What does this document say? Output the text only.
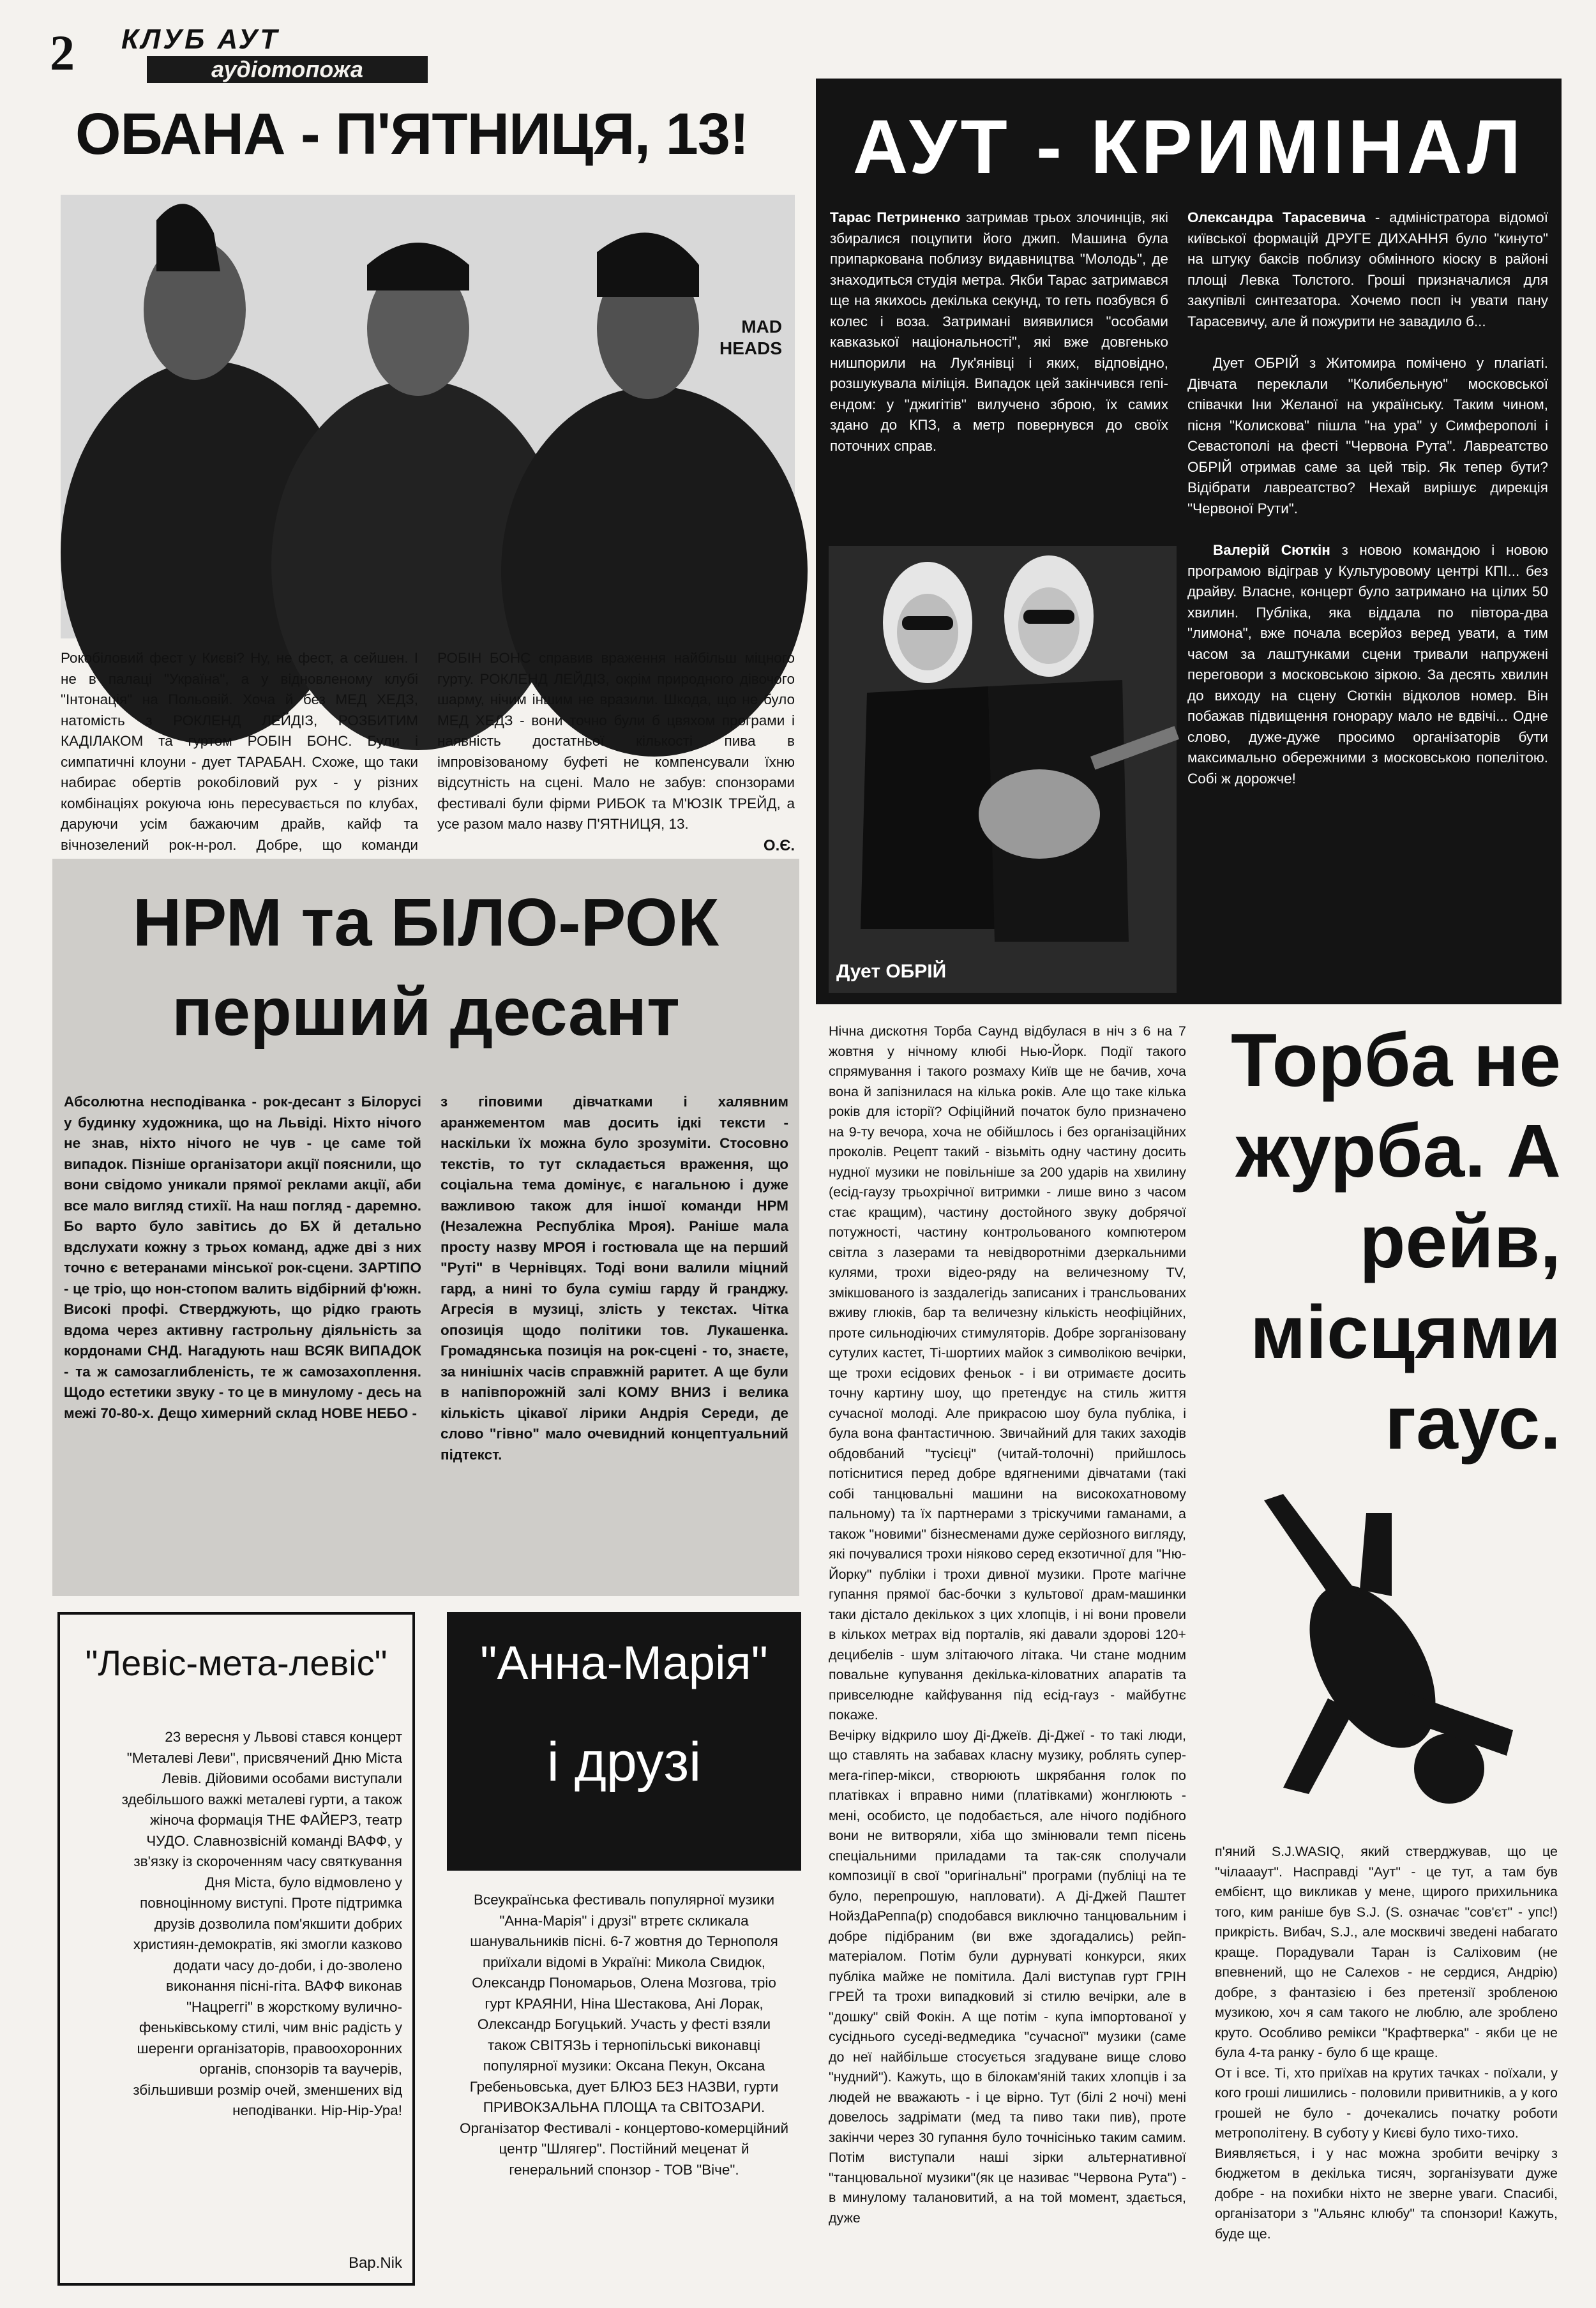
2 КЛУБ АУТ
аудіотопожа
ОБАНА - П'ЯТНИЦЯ, 13!
MAD
HEADS
Рокобіловий фест у Києві? Ну, не фест, а сейшен. І не в палаці "Україна", а у відновленому клубі "Інтонація" на Польовій. Хоча й без МЕД ХЕДЗ, натомість з РОКЛЕНД ЛЕЙДІЗ, РОЗБИТИМ КАДІЛАКОМ та гуртом РОБІН БОНС. Були і симпатичні клоуни - дует ТАРАБАН. Схоже, що таки набирає обертів рокобіловий рух - у різних комбінаціях рокуюча юнь пересувається по клубах, даруючи усім бажаючим драйв, кайф та вічнозелений рок-н-рол. Добре, що команди
РОБІН БОНС справив враження найбільш міцного гурту. РОКЛЕНД ЛЕЙДІЗ, окрім природного дівочого шарму, нічим іншим не вразили. Шкода, що не було МЕД ХЕДЗ - вони точно були б цвяхом програми і наявність достатньої кількості пива в імпровізованому буфеті не компенсували їхню відсутність на сцені. Мало не забув: спонзорами фестивалі були фірми РИБОК та М'ЮЗІК ТРЕЙД, а усе разом мало назву П'ЯТНИЦЯ, 13.
О.Є.
АУТ - КРИМІНАЛ
Тарас Петриненко затримав трьох злочинців, які збиралися поцупити його джип. Машина була припаркована поблизу видавництва "Молодь", де знаходиться студія метра. Якби Тарас затримався ще на якихось декілька секунд, то геть позбувся б колес і воза. Затримані виявилися "особами кавказької національності", які вже довгенько нишпорили на Лук'янівці і яких, відповідно, розшукувала міліція. Випадок цей закінчився гепі-ендом: у "джигітів" вилучено зброю, їх самих здано до КПЗ, а метр повернувся до своїх поточних справ.
Дует ОБРІЙ

Олександра Тарасевича - адміністратора відомої київської формацій ДРУГЕ ДИХАННЯ було "кинуто" на штуку баксів поблизу обмінного кіоску в районі площі Левка Толстого. Гроші призначалися для закупівлі синтезатора. Хочемо посп іч увати пану Тарасевичу, але й пожурити не завадило б...

Дует ОБРІЙ з Житомира помічено у плагіаті. Дівчата переклали "Колибельную" московської співачки Іни Желаної на українську. Таким чином, пісня "Колискова" пішла "на ура" у Симферополі і Севастополі на фесті "Червона Рута". Лавреатство ОБРІЙ отримав саме за цей твір. Як тепер бути? Відібрати лавреатство? Нехай вирішує дирекція "Червоної Рути".

Валерій Сюткін з новою командою і новою програмою відіграв у Культуровому центрі КПІ... без драйву. Власне, концерт було затримано на цілих 50 хвилин. Публіка, яка віддала по півтора-два "лимона", вже почала всерйоз веред увати, а тим часом за лаштунками сцени тривали напружені переговори з московською зіркою. За десять хвилин до виходу на сцену Сюткін відколов номер. Він побажав підвищення гонорару мало не вдвічі... Одне слово, дуже-дуже просимо організаторів бути максимально обережними з московською попелітою. Собі ж дорожче!

НРМ та БІЛО-РОК
перший десант
Абсолютна несподіванка - рок-десант з Білорусі у будинку художника, що на Львіді. Ніхто нічого не знав, ніхто нічого не чув - це саме той випадок. Пізніше організатори акції пояснили, що вони свідомо уникали прямої реклами акції, аби все мало вигляд стихії. На наш погляд - даремно. Бо варто було завітись до БХ й детально вдслухати кожну з трьох команд, адже дві з них точно є ветеранами мінської рок-сцени. ЗАРТІПО - це тріо, що нон-стопом валить відбірний ф'южн. Високі профі. Стверджують, що рідко грають вдома через активну гастрольну діяльність за кордонами СНД. Нагадують наш ВСЯК ВИПАДОК - та ж самозаглибленість, те ж самозахоплення. Щодо естетики звуку - то це в минулому - десь на межі 70-80-х. Дещо химерний склад НОВЕ НЕБО -
з гіповими дівчатками і халявним аранжементом мав досить ідкі тексти - наскільки їх можна було зрозуміти. Стосовно текстів, то тут складається враження, що соціальна тема домінує, є нагальною і дуже важливою також для іншої команди НРМ (Незалежна Республіка Мроя). Раніше мала просту назву МРОЯ і гостювала ще на перший "Руті" в Чернівцях. Тоді вони валили міцний гард, а нині то була суміш гарду й гранджу. Агресія в музиці, злість у текстах. Чітка опозиція щодо політики тов. Лукашенка. Громадянська позиція на рок-сцені - то, знаєте, за нинішніх часів справжній раритет. А ще були в напівпорожній залі КОМУ ВНИЗ і велика кількість цікавої лірики Андрія Середи, де слово "гівно" мало очевидний концептуальний підтекст.
Нічна дискотня Торба Саунд відбулася в ніч з 6 на 7 жовтня у нічному клюбі Нью-Йорк. Події такого спрямування і такого розмаху Київ ще не бачив, хоча вона й запізнилася на кілька років. Але що таке кілька років для історії? Офіційний початок було призначено на 9-ту вечора, хоча не обійшлось і без організаційних проколів. Рецепт такий - візьміть одну частину досить нудної музики не повільніше за 200 ударів на хвилину (есід-гаузу трьохрічної витримки - лише вино з часом стає кращим), частину достойного звуку добрячої потужності, частину контрольованого компютером світла з лазерами та невідворотніми дзеркальними кулями, трохи відео-ряду на величезному TV, змікшованого із заздалегідь записаних і трансльованих вживу глюків, бар та величезну кількість неофіційних, проте сильнодіючих стимуляторів. Добре зорганізовану сутулих кастет, Ті-шортиих майок з символікою вечірки, ще трохи есідових феньок - і ви отримаєте досить точну картину шоу, що претендує на стиль життя сучасної молоді. Але прикрасою шоу була публіка, і була вона фантастичною. Звичайний для таких заходів обдовбаний "тусієці" (читай-толочні) прийшлось потіснитися перед добре вдягненими дівчатами (такі собі танцювальні машини на високохатновому пальному) та їх партнерами з тріскучими гаманами, а також "новими" бізнесменами дуже серйозного вигляду, які почувалися трохи ніяково серед екзотичної для "Ню-Йорку" публіки і трохи дивної музики. Проте магічне гупання прямої бас-бочки з культової драм-машинки таки дістало декількох з цих хлопців, і ні вони провели в кількох метрах від порталів, які давали здорові 120+ децибелів - шум злітаючого літака. Чи стане модним повальне купування декілька-кіловатних апаратів та привселюдне кайфування під есід-гауз - майбутнє покаже.
Вечірку відкрило шоу Ді-Джеїв. Ді-Джеї - то такі люди, що ставлять на забавах класну музику, роблять супер-мега-гіпер-мікси, створюють шкрябання голок по платівках і вправно ними (платівками) жонглюють - мені, особисто, це подобається, але нічого подібного вони не витворяли, хіба що змінювали темп пісень спеціальними приладами та так-сяк сполучали композиції в свої "оригінальні" програми (публіці на те було, перепрошую, напловати). А Ді-Джей Паштет НойзДаРеппа(р) сподобався виключно танцювальним і добре підібраним (ви вже здогадались) рейп-матеріалом. Потім були дурнуваті конкурси, яких публіка майже не помітила. Далі виступав гурт ГРІН ГРЕЙ та трохи випадковий зі стилю вечірки, але в "дошку" свій Фокін. А ще потім - купа імпортованої у сусіднього суседі-ведмедика "сучасної" музики (саме до неї найбільше стосується згадуване вище слово "нудний"). Кажуть, що в білокам'яній таких хлопців і за людей не вважають - і це вірно. Тут (білі 2 ночі) мені довелось задрімати (мед та пиво таки пив), проте закінчи через 30 гупання було точнісінько таким самим. Потім виступали наші зірки альтернативної "танцювальної музики"(як це називає "Червона Рута") - в минулому талановитий, а на той момент, здається, дуже
Торба не журба. А рейв, місцями гаус.
п'яний S.J.WASIQ, який стверджував, що це "чілаааут". Насправді "Аут" - це тут, а там був ембієнт, що викликав у мене, щирого прихильника того, ким раніше був S.J. (S. означає "сов'єт" - упс!) прикрість. Вибач, S.J., але москвичі зведені набагато краще. Порадували Таран із Саліховим (не впевнений, що не Салехов - не сердися, Андрію) добре, з фантазією і без претензії зробленою музикою, хоч я сам такого не люблю, але зроблено круто. Особливо ремікси "Крафтверка" - якби це не була 4-та ранку - було б ще краще.
От і все. Ті, хто приїхав на крутих тачках - поїхали, у кого гроші лишились - половили привитників, а у кого грошей не було - дочекались початку роботи метрополітену. В суботу у Києві було тихо-тихо.
Виявляється, і у нас можна зробити вечірку з бюджетом в декілька тисяч, зорганізувати дуже добре - на похибки ніхто не зверне уваги. Спасибі, організатори з "Альянс клюбу" та спонзори! Кажуть, буде ще.
"Левіс-мета-левіс"
23 вересня у Львові стався концерт "Металеві Леви", присвячений Дню Міста Левів. Дійовими особами виступали здебільшого важкі металеві гурти, а також жіноча формація THE ФАЙЕРЗ, театр ЧУДО. Славнозвісній команді ВАФФ, у зв'язку із скороченням часу святкування Дня Міста, було відмовлено у повноцінному виступі. Проте підтримка друзів дозволила пом'якшити добрих християн-демократів, які змогли казково додати часу до-доби, і до-зволено виконання пісні-гіта. ВАФФ виконав "Нацреггі" в жорсткому вулично-феньківському стилі, чим вніс радість у шеренги організаторів, правоохоронних органів, спонзорів та ваучерів, збільшивши розмір очей, зменшених від неподіванки. Hip-Hip-Ура!
Вар.Nik
"Анна-Марія"
і друзі
Всеукраїнська фестиваль популярної музики "Анна-Марія" і друзі" втретє скликала шанувальників пісні. 6-7 жовтня до Тернополя приїхали відомі в Україні: Микола Свидюк, Олександр Пономарьов, Олена Мозгова, тріо гурт КРАЯНИ, Ніна Шестакова, Ані Лорак, Олександр Богуцький. Участь у фесті взяли також СВІТЯЗЬ і тернопільські виконавці популярної музики: Оксана Пекун, Оксана Гребеньовська, дует БЛЮЗ БЕЗ НАЗВИ, гурти ПРИВОКЗАЛЬНА ПЛОЩА та СВІТОЗАРИ. Організатор Фестивалі - концертово-комерційний центр "Шлягер". Постійний меценат й генеральний спонзор - ТОВ "Віче".
